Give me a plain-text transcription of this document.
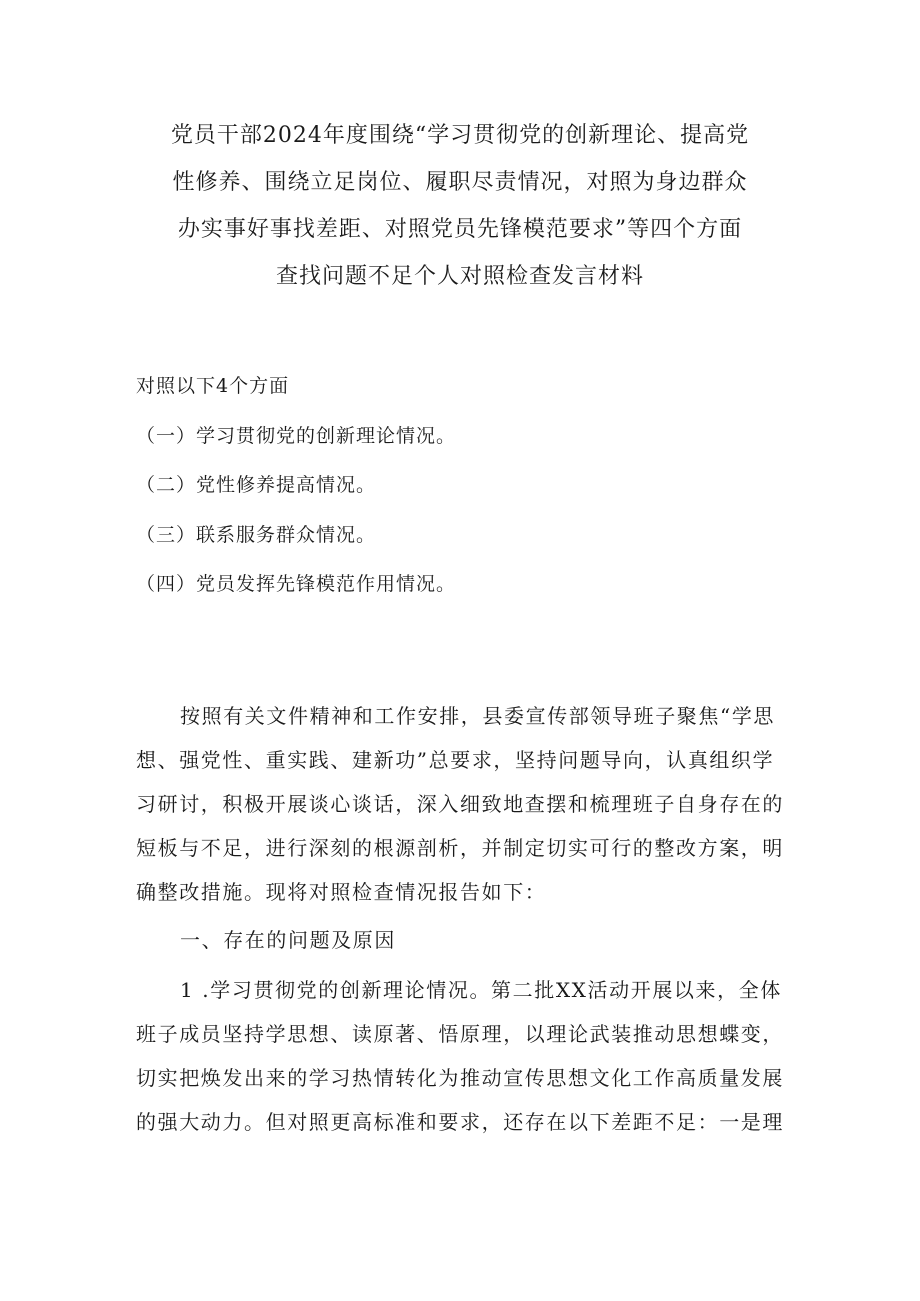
党员干部2024年度围绕“学习贯彻党的创新理论、提高党
性修养、围绕立足岗位、履职尽责情况，对照为身边群众
办实事好事找差距、对照党员先锋模范要求”等四个方面
查找问题不足个人对照检查发言材料
对照以下4个方面
（一）学习贯彻党的创新理论情况。
（二）党性修养提高情况。
（三）联系服务群众情况。
（四）党员发挥先锋模范作用情况。
按照有关文件精神和工作安排，县委宣传部领导班子聚焦“学思
想、强党性、重实践、建新功”总要求，坚持问题导向，认真组织学
习研讨，积极开展谈心谈话，深入细致地查摆和梳理班子自身存在的
短板与不足，进行深刻的根源剖析，并制定切实可行的整改方案，明
确整改措施。现将对照检查情况报告如下：
一、存在的问题及原因
1 .学习贯彻党的创新理论情况。第二批XX活动开展以来，全体
班子成员坚持学思想、读原著、悟原理，以理论武装推动思想蝶变，
切实把焕发出来的学习热情转化为推动宣传思想文化工作高质量发展
的强大动力。但对照更高标准和要求，还存在以下差距不足：一是理
